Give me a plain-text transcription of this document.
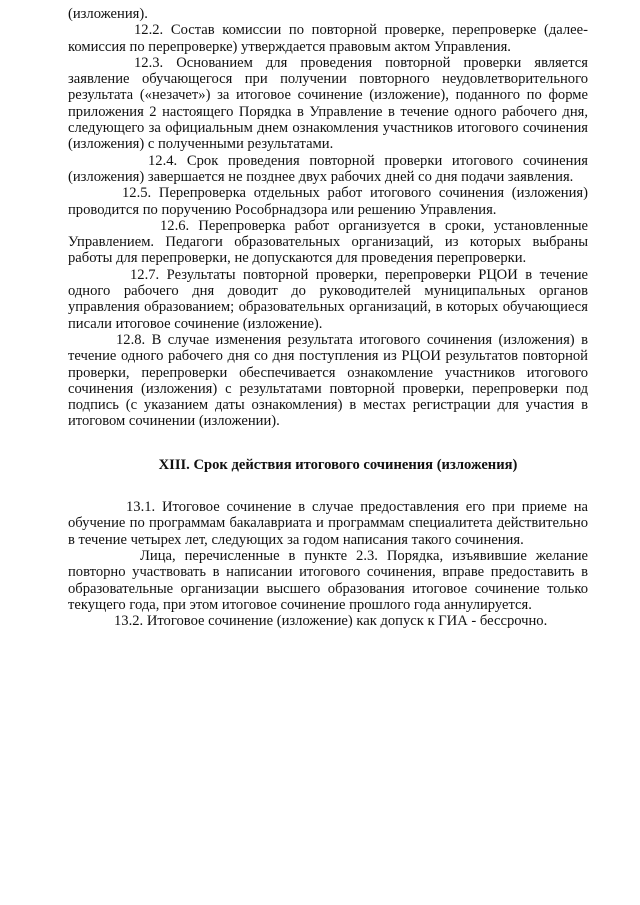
(изложения).

12.2. Состав комиссии по повторной проверке, перепроверке (далее- комиссия по перепроверке) утверждается правовым актом Управления.

12.3. Основанием для проведения повторной проверки является заявление обучающегося при получении повторного неудовлетворительного результата («незачет») за итоговое сочинение (изложение), поданного по форме приложения 2 настоящего Порядка в Управление в течение одного рабочего дня, следующего за официальным днем ознакомления участников итогового сочинения (изложения) с полученными результатами.

12.4. Срок проведения повторной проверки итогового сочинения (изложения) завершается не позднее двух рабочих дней со дня подачи заявления.

12.5. Перепроверка отдельных работ итогового сочинения (изложения) проводится по поручению Рособрнадзора или решению Управления.

12.6. Перепроверка работ организуется в сроки, установленные Управлением. Педагоги образовательных организаций, из которых выбраны работы для перепроверки, не допускаются для проведения перепроверки.

12.7. Результаты повторной проверки, перепроверки РЦОИ в течение одного рабочего дня доводит до руководителей муниципальных органов управления образованием; образовательных организаций, в которых обучающиеся писали итоговое сочинение (изложение).

12.8. В случае изменения результата итогового сочинения (изложения) в течение одного рабочего дня со дня поступления из РЦОИ результатов повторной проверки, перепроверки обеспечивается ознакомление участников итогового сочинения (изложения) с результатами повторной проверки, перепроверки под подпись (с указанием даты ознакомления) в местах регистрации для участия в итоговом сочинении (изложении).

XIII. Срок действия итогового сочинения (изложения)

13.1. Итоговое сочинение в случае предоставления его при приеме на обучение по программам бакалавриата и программам специалитета действительно в течение четырех лет, следующих за годом написания такого сочинения.

Лица, перечисленные в пункте 2.3. Порядка, изъявившие желание повторно участвовать в написании итогового сочинения, вправе предоставить в образовательные организации высшего образования итоговое сочинение только текущего года, при этом итоговое сочинение прошлого года аннулируется.

13.2. Итоговое сочинение (изложение) как допуск к ГИА - бессрочно.
